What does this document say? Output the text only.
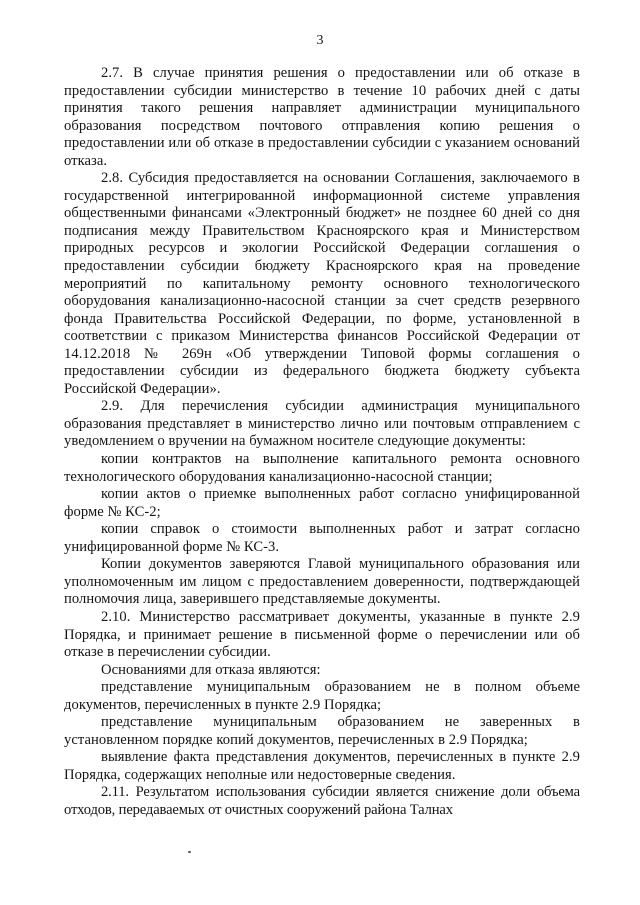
3

2.7. В случае принятия решения о предоставлении или об отказе в предоставлении субсидии министерство в течение 10 рабочих дней с даты принятия такого решения направляет администрации муниципального образования посредством почтового отправления копию решения о предоставлении или об отказе в предоставлении субсидии с указанием оснований отказа.

2.8. Субсидия предоставляется на основании Соглашения, заключаемого в государственной интегрированной информационной системе управления общественными финансами «Электронный бюджет» не позднее 60 дней со дня подписания между Правительством Красноярского края и Министерством природных ресурсов и экологии Российской Федерации соглашения о предоставлении субсидии бюджету Красноярского края на проведение мероприятий по капитальному ремонту основного технологического оборудования канализационно-насосной станции за счет средств резервного фонда Правительства Российской Федерации, по форме, установленной в соответствии с приказом Министерства финансов Российской Федерации от 14.12.2018 № 269н «Об утверждении Типовой формы соглашения о предоставлении субсидии из федерального бюджета бюджету субъекта Российской Федерации».

2.9. Для перечисления субсидии администрация муниципального образования представляет в министерство лично или почтовым отправлением с уведомлением о вручении на бумажном носителе следующие документы:

копии контрактов на выполнение капитального ремонта основного технологического оборудования канализационно-насосной станции;

копии актов о приемке выполненных работ согласно унифицированной форме № КС-2;

копии справок о стоимости выполненных работ и затрат согласно унифицированной форме № КС-3.

Копии документов заверяются Главой муниципального образования или уполномоченным им лицом с предоставлением доверенности, подтверждающей полномочия лица, заверившего представляемые документы.

2.10. Министерство рассматривает документы, указанные в пункте 2.9 Порядка, и принимает решение в письменной форме о перечислении или об отказе в перечислении субсидии.

Основаниями для отказа являются:

представление муниципальным образованием не в полном объеме документов, перечисленных в пункте 2.9 Порядка;

представление муниципальным образованием не заверенных в установленном порядке копий документов, перечисленных в 2.9 Порядка;

выявление факта представления документов, перечисленных в пункте 2.9 Порядка, содержащих неполные или недостоверные сведения.

2.11. Результатом использования субсидии является снижение доли объема отходов, передаваемых от очистных сооружений района Талнах
